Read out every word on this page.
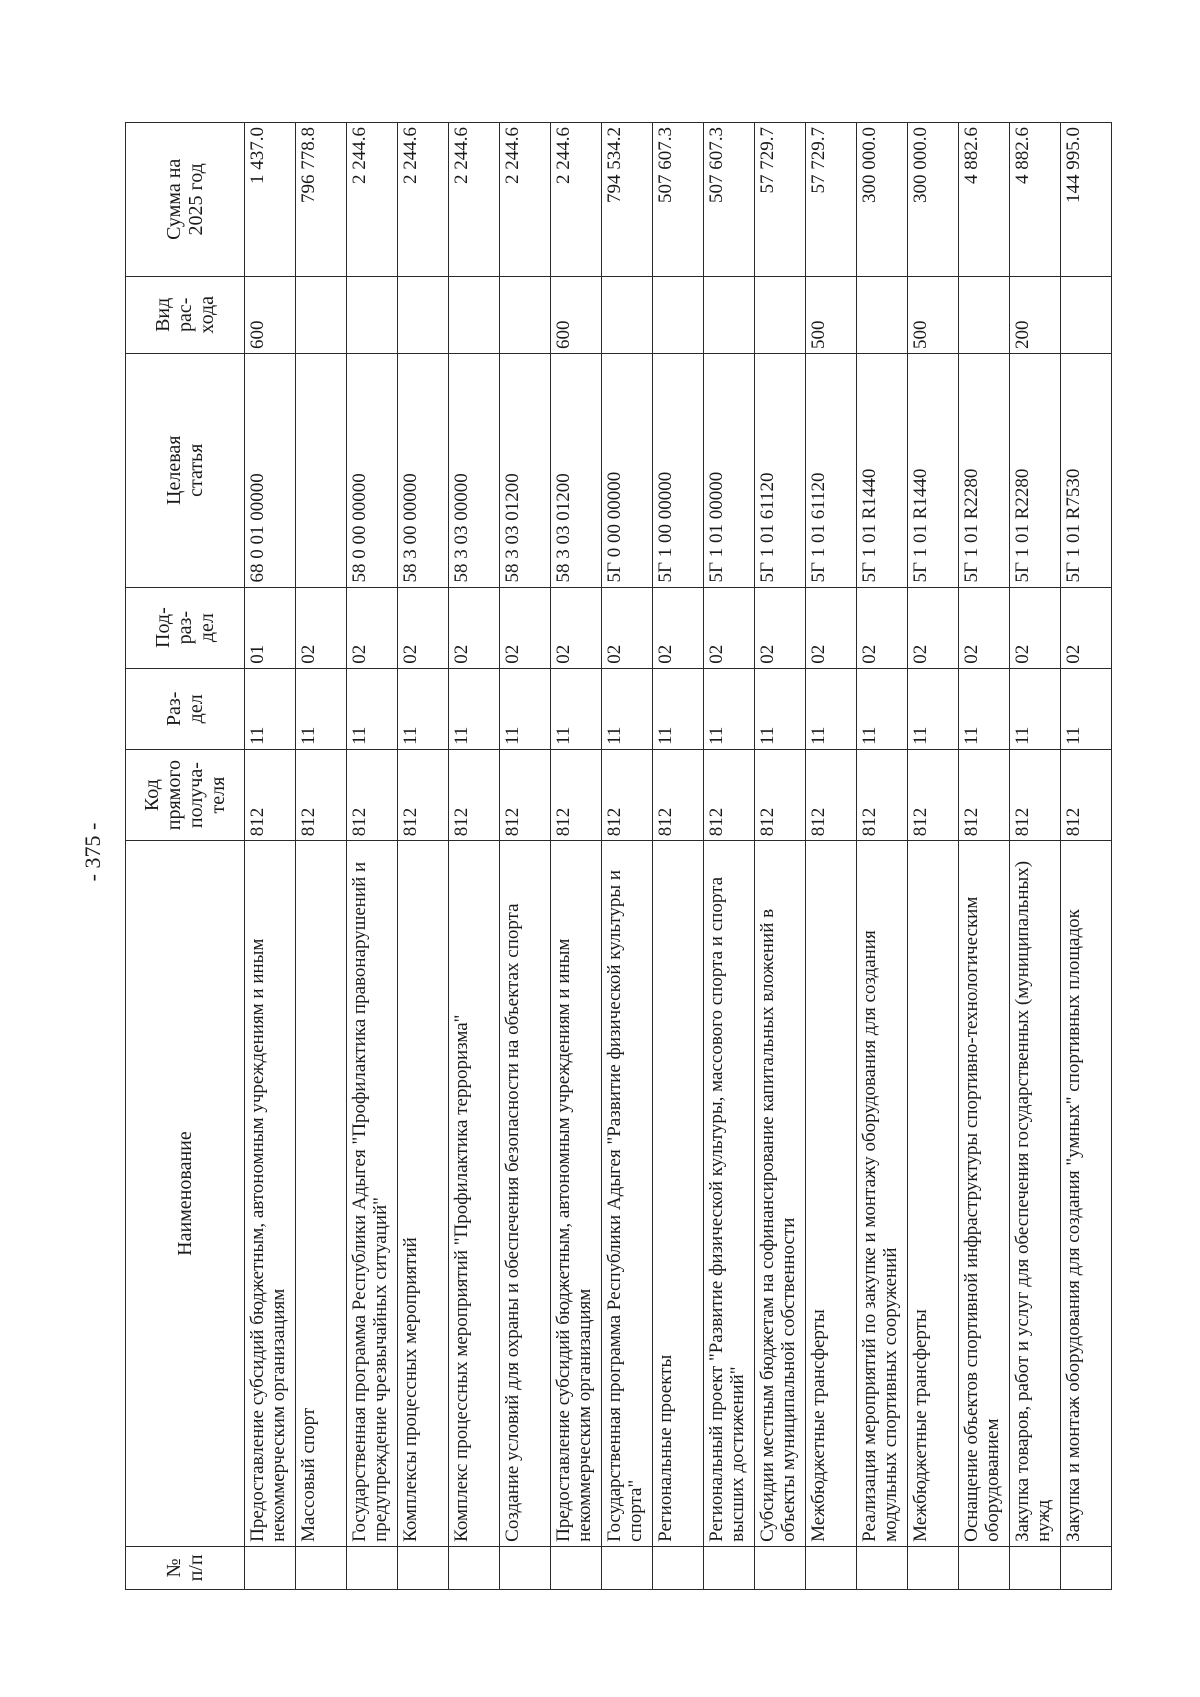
- 375 -
№
п/п	Наименование	Код
прямого
получа-
теля	Раз-
дел	Под-
раз-
дел	Целевая
статья	Вид
рас-
хода	Сумма на
2025 год
	Предоставление субсидий бюджетным, автономным учреждениям и иным некоммерческим организациям	812	11	01	68 0 01 00000	600	1 437.0
	Массовый спорт	812	11	02			796 778.8
	Государственная программа Республики Адыгея "Профилактика правонарушений и предупреждение чрезвычайных ситуаций"	812	11	02	58 0 00 00000		2 244.6
	Комплексы процессных мероприятий	812	11	02	58 3 00 00000		2 244.6
	Комплекс процессных мероприятий "Профилактика терроризма"	812	11	02	58 3 03 00000		2 244.6
	Создание условий для охраны и обеспечения безопасности на объектах спорта	812	11	02	58 3 03 01200		2 244.6
	Предоставление субсидий бюджетным, автономным учреждениям и иным некоммерческим организациям	812	11	02	58 3 03 01200	600	2 244.6
	Государственная программа Республики Адыгея "Развитие физической культуры и спорта"	812	11	02	5Г 0 00 00000		794 534.2
	Региональные проекты	812	11	02	5Г 1 00 00000		507 607.3
	Региональный проект "Развитие физической культуры, массового спорта и спорта высших достижений"	812	11	02	5Г 1 01 00000		507 607.3
	Субсидии местным бюджетам на софинансирование капитальных вложений в объекты муниципальной собственности	812	11	02	5Г 1 01 61120		57 729.7
	Межбюджетные трансферты	812	11	02	5Г 1 01 61120	500	57 729.7
	Реализация мероприятий по закупке и монтажу оборудования для создания модульных спортивных сооружений	812	11	02	5Г 1 01 R1440		300 000.0
	Межбюджетные трансферты	812	11	02	5Г 1 01 R1440	500	300 000.0
	Оснащение объектов спортивной инфраструктуры спортивно-технологическим оборудованием	812	11	02	5Г 1 01 R2280		4 882.6
	Закупка товаров, работ и услуг для обеспечения государственных (муниципальных) нужд	812	11	02	5Г 1 01 R2280	200	4 882.6
	Закупка и монтаж оборудования для создания "умных" спортивных площадок	812	11	02	5Г 1 01 R7530		144 995.0
